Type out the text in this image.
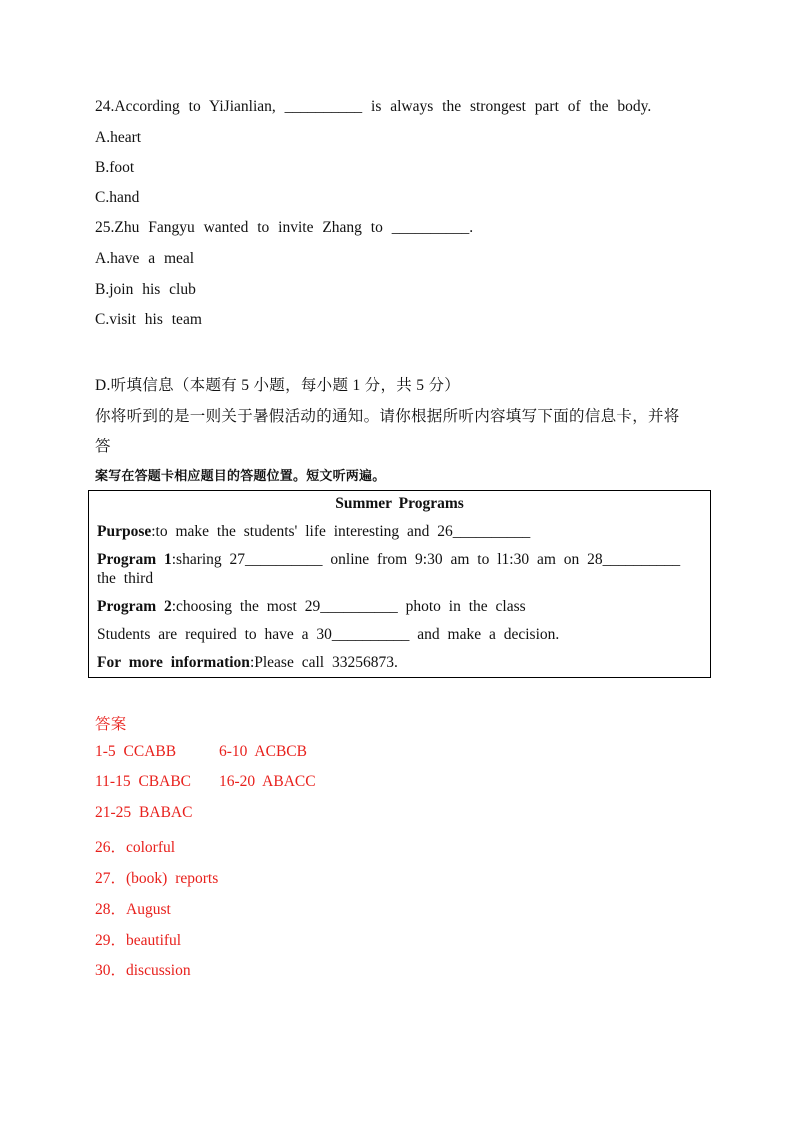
24.According to YiJianlian, __________ is always the strongest part of the body.
A.heart
B.foot
C.hand
25.Zhu Fangyu wanted to invite Zhang to __________.
A.have a meal
B.join his club
C.visit his team
D.听填信息（本题有 5 小题，每小题 1 分，共 5 分）
你将听到的是一则关于暑假活动的通知。请你根据所听内容填写下面的信息卡，并将
答
案写在答题卡相应题目的答题位置。短文听两遍。
Summer Programs
Purpose:to make the students' life interesting and 26__________
Program 1:sharing 27__________ online from 9:30 am to l1:30 am on 28__________ the third
Program 2:choosing the most 29__________ photo in the class
Students are required to have a 30__________ and make a decision.
For more information:Please call 33256873.
答案
1-5 CCABB	6-10 ACBCB
11-15 CBABC 16-20 ABACC
21-25 BABAC
26．colorful
27．(book) reports
28．August
29．beautiful
30．discussion
